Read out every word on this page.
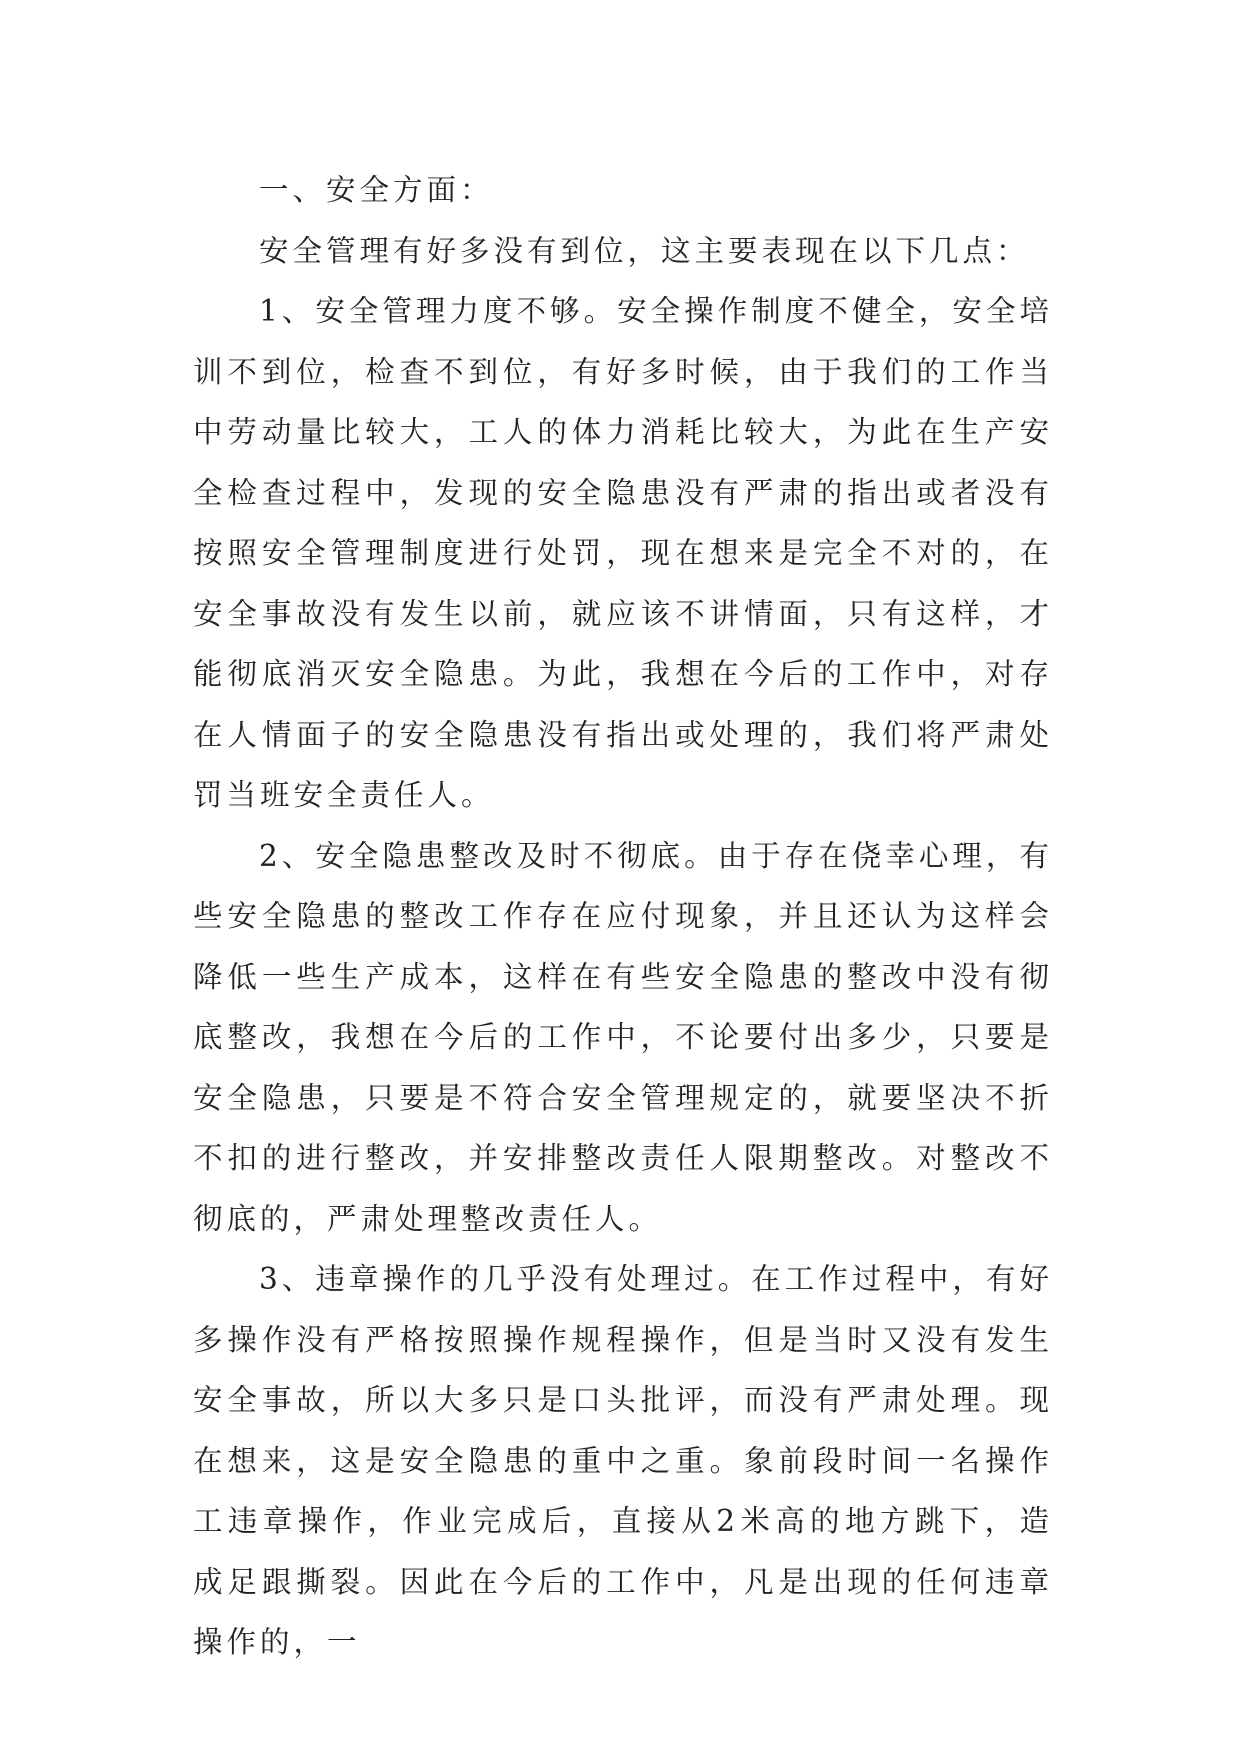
一、安全方面：

安全管理有好多没有到位，这主要表现在以下几点：

1、安全管理力度不够。安全操作制度不健全，安全培训不到位，检查不到位，有好多时候，由于我们的工作当中劳动量比较大，工人的体力消耗比较大，为此在生产安全检查过程中，发现的安全隐患没有严肃的指出或者没有按照安全管理制度进行处罚，现在想来是完全不对的，在安全事故没有发生以前，就应该不讲情面，只有这样，才能彻底消灭安全隐患。为此，我想在今后的工作中，对存在人情面子的安全隐患没有指出或处理的，我们将严肃处罚当班安全责任人。

2、安全隐患整改及时不彻底。由于存在侥幸心理，有些安全隐患的整改工作存在应付现象，并且还认为这样会降低一些生产成本，这样在有些安全隐患的整改中没有彻底整改，我想在今后的工作中，不论要付出多少，只要是安全隐患，只要是不符合安全管理规定的，就要坚决不折不扣的进行整改，并安排整改责任人限期整改。对整改不彻底的，严肃处理整改责任人。

3、违章操作的几乎没有处理过。在工作过程中，有好多操作没有严格按照操作规程操作，但是当时又没有发生安全事故，所以大多只是口头批评，而没有严肃处理。现在想来，这是安全隐患的重中之重。象前段时间一名操作工违章操作，作业完成后，直接从2米高的地方跳下，造成足跟撕裂。因此在今后的工作中，凡是出现的任何违章操作的，一
